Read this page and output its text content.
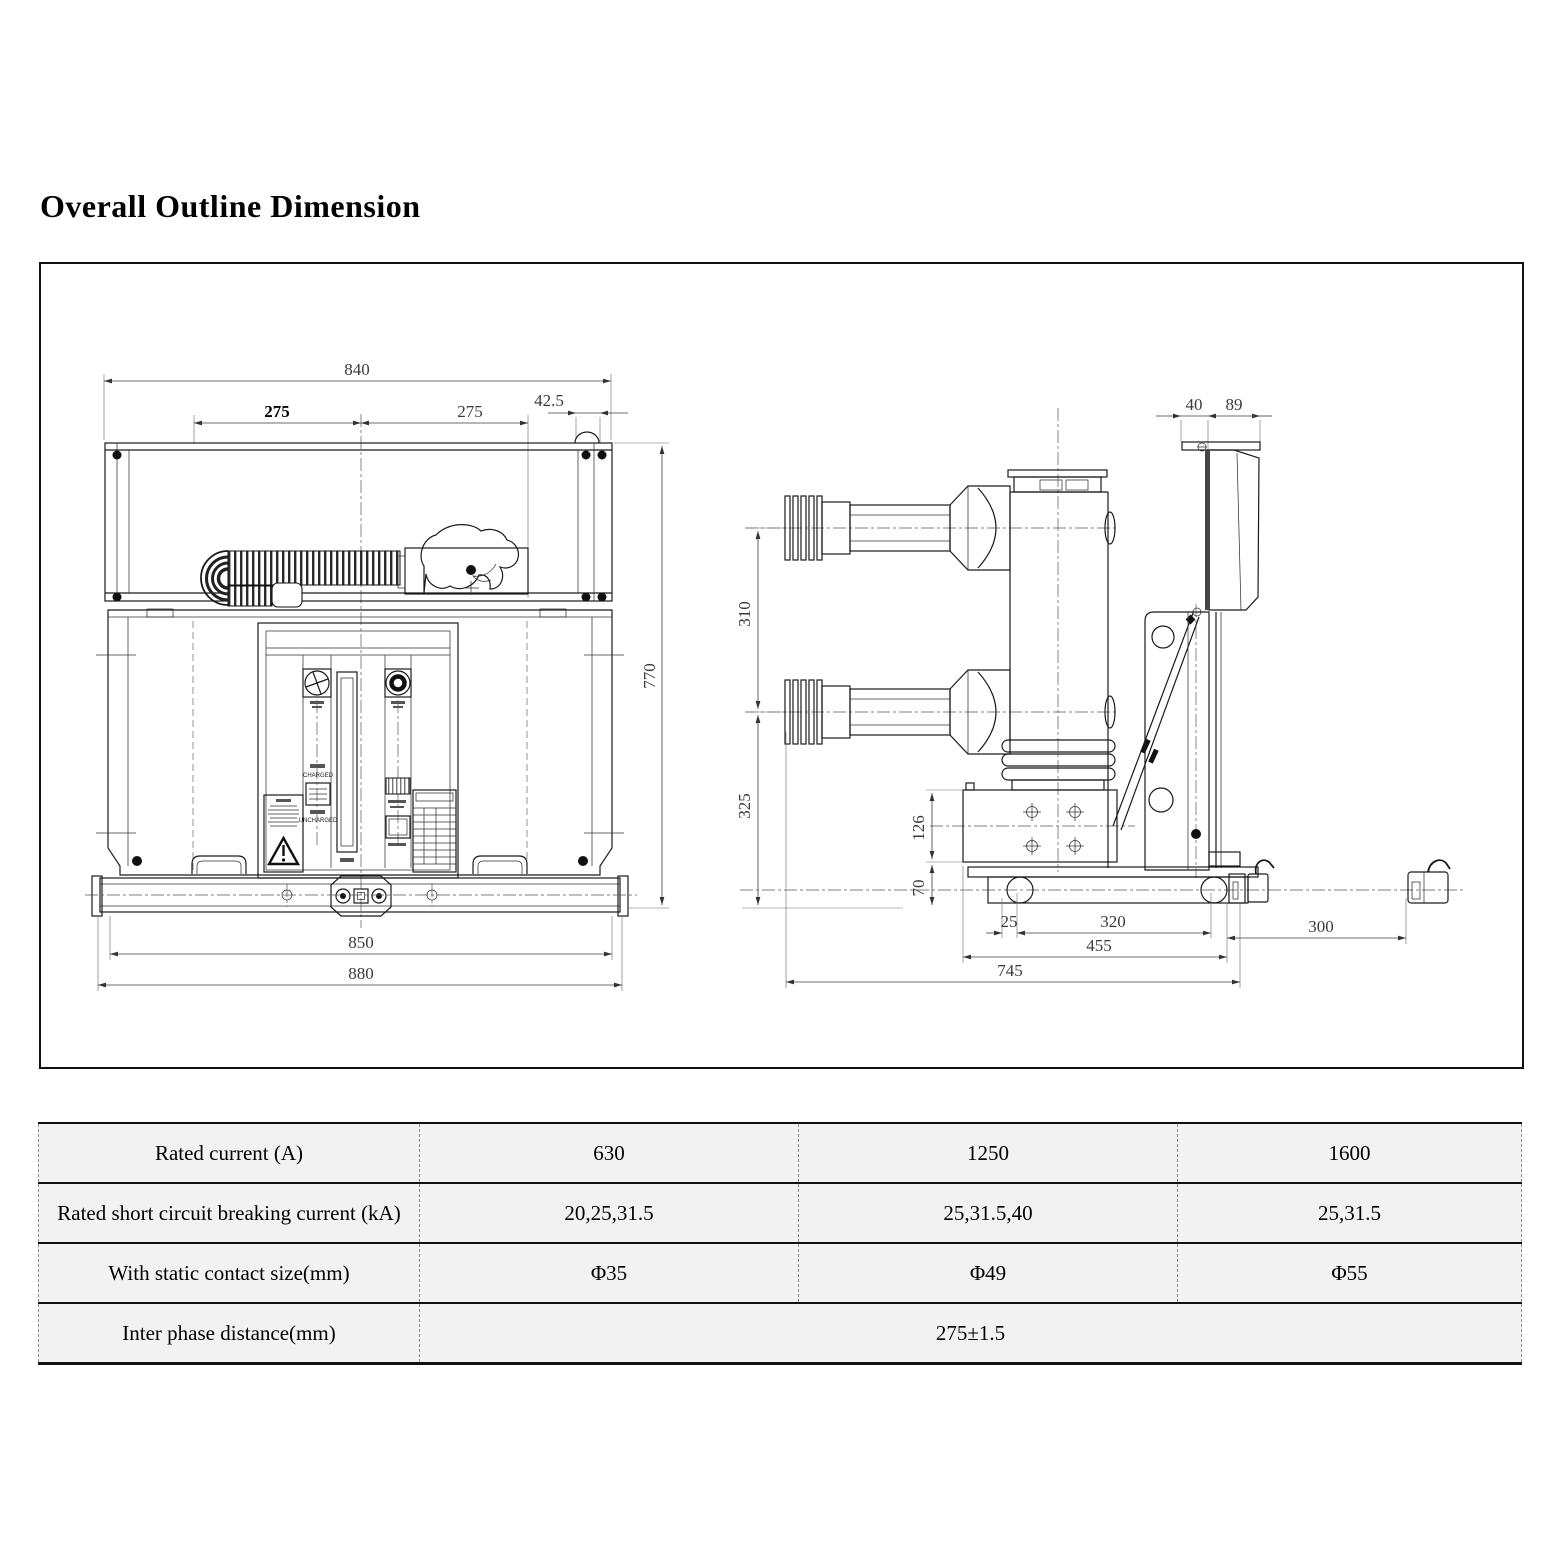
Overall Outline Dimension
840
275	275
42.5
770
CHARGED
UNCHARGED
850
880
40 89
310
325
126
70
25	320
455
745
300
Rated current (A)	630	1250	1600
Rated short circuit breaking current (kA)	20,25,31.5	25,31.5,40	25,31.5
With static contact size(mm)	Φ35	Φ49	Φ55
Inter phase distance(mm)	275±1.5		
